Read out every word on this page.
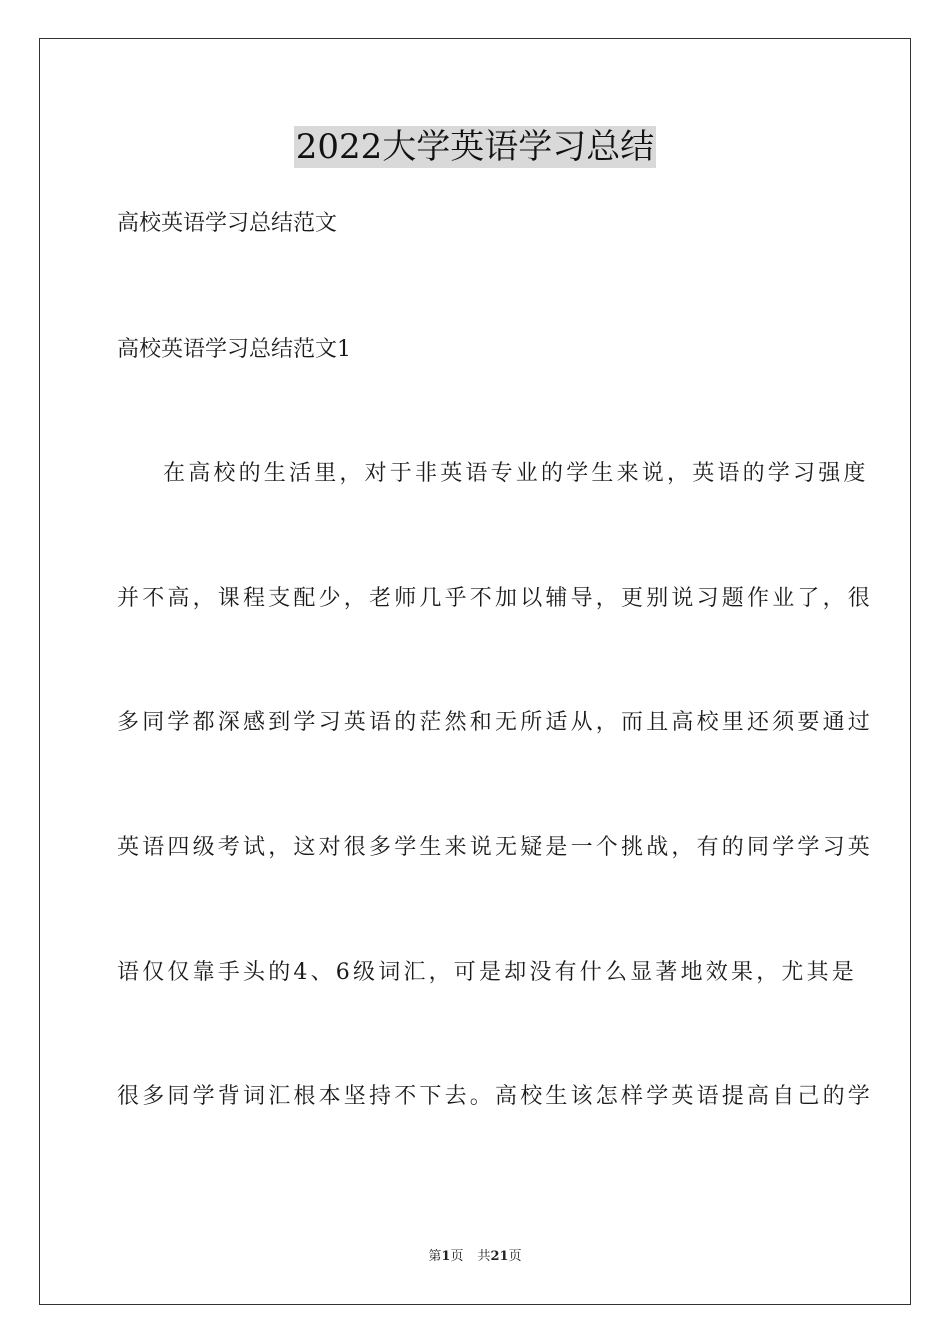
2022大学英语学习总结
高校英语学习总结范文
高校英语学习总结范文1
在高校的生活里，对于非英语专业的学生来说，英语的学习强度
并不高，课程支配少，老师几乎不加以辅导，更别说习题作业了，很
多同学都深感到学习英语的茫然和无所适从，而且高校里还须要通过
英语四级考试，这对很多学生来说无疑是一个挑战，有的同学学习英
语仅仅靠手头的4、6级词汇，可是却没有什么显著地效果，尤其是
很多同学背词汇根本坚持不下去。高校生该怎样学英语提高自己的学
第1页 共21页
